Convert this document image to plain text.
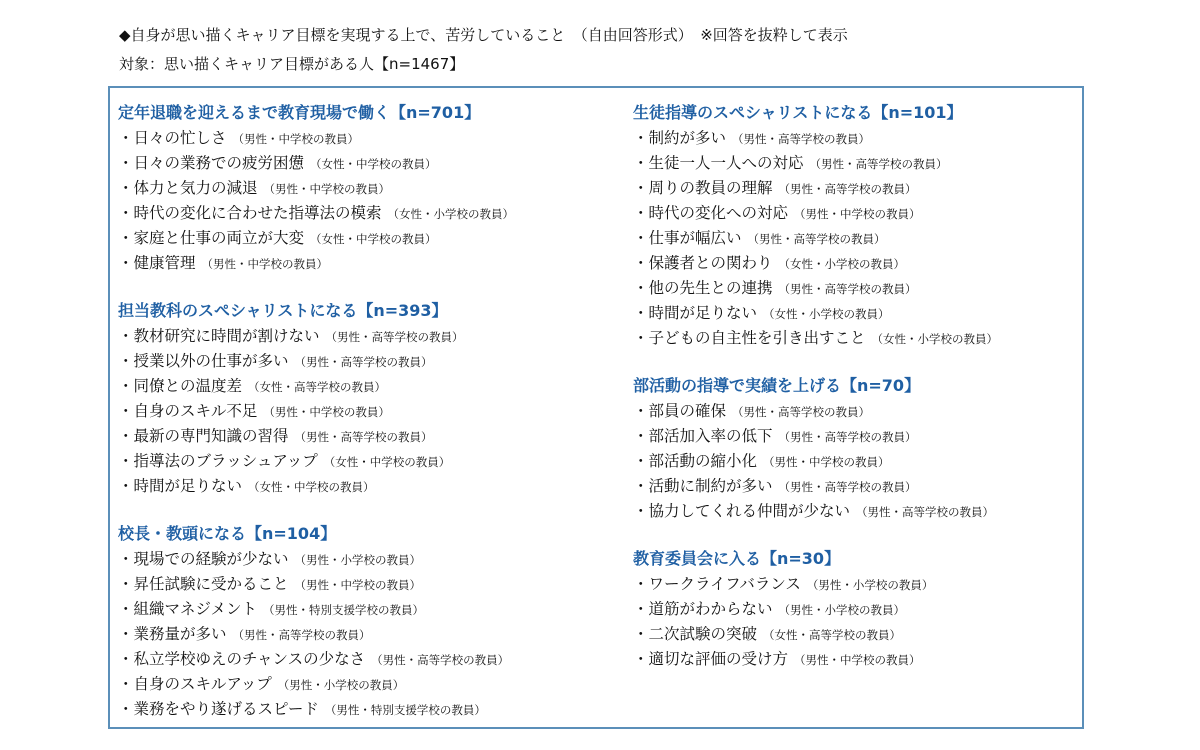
◆自身が思い描くキャリア目標を実現する上で、苦労していること　（自由回答形式）　※回答を抜粋して表示
対象：思い描くキャリア目標がある人【n=1467】
定年退職を迎えるまで教育現場で働く【n=701】
・日々の忙しさ （男性・中学校の教員）
・日々の業務での疲労困憊 （女性・中学校の教員）
・体力と気力の減退 （男性・中学校の教員）
・時代の変化に合わせた指導法の模索 （女性・小学校の教員）
・家庭と仕事の両立が大変 （女性・中学校の教員）
・健康管理 （男性・中学校の教員）
担当教科のスペシャリストになる【n=393】
・教材研究に時間が割けない （男性・高等学校の教員）
・授業以外の仕事が多い （男性・高等学校の教員）
・同僚との温度差 （女性・高等学校の教員）
・自身のスキル不足 （男性・中学校の教員）
・最新の専門知識の習得 （男性・高等学校の教員）
・指導法のブラッシュアップ （女性・中学校の教員）
・時間が足りない （女性・中学校の教員）
校長・教頭になる【n=104】
・現場での経験が少ない （男性・小学校の教員）
・昇任試験に受かること （男性・中学校の教員）
・組織マネジメント （男性・特別支援学校の教員）
・業務量が多い （男性・高等学校の教員）
・私立学校ゆえのチャンスの少なさ （男性・高等学校の教員）
・自身のスキルアップ （男性・小学校の教員）
・業務をやり遂げるスピード （男性・特別支援学校の教員）
生徒指導のスペシャリストになる【n=101】
・制約が多い （男性・高等学校の教員）
・生徒一人一人への対応 （男性・高等学校の教員）
・周りの教員の理解 （男性・高等学校の教員）
・時代の変化への対応 （男性・中学校の教員）
・仕事が幅広い （男性・高等学校の教員）
・保護者との関わり （女性・小学校の教員）
・他の先生との連携 （男性・高等学校の教員）
・時間が足りない （女性・小学校の教員）
・子どもの自主性を引き出すこと （女性・小学校の教員）
部活動の指導で実績を上げる【n=70】
・部員の確保 （男性・高等学校の教員）
・部活加入率の低下 （男性・高等学校の教員）
・部活動の縮小化 （男性・中学校の教員）
・活動に制約が多い （男性・高等学校の教員）
・協力してくれる仲間が少ない （男性・高等学校の教員）
教育委員会に入る【n=30】
・ワークライフバランス （男性・小学校の教員）
・道筋がわからない （男性・小学校の教員）
・二次試験の突破 （女性・高等学校の教員）
・適切な評価の受け方 （男性・中学校の教員）
